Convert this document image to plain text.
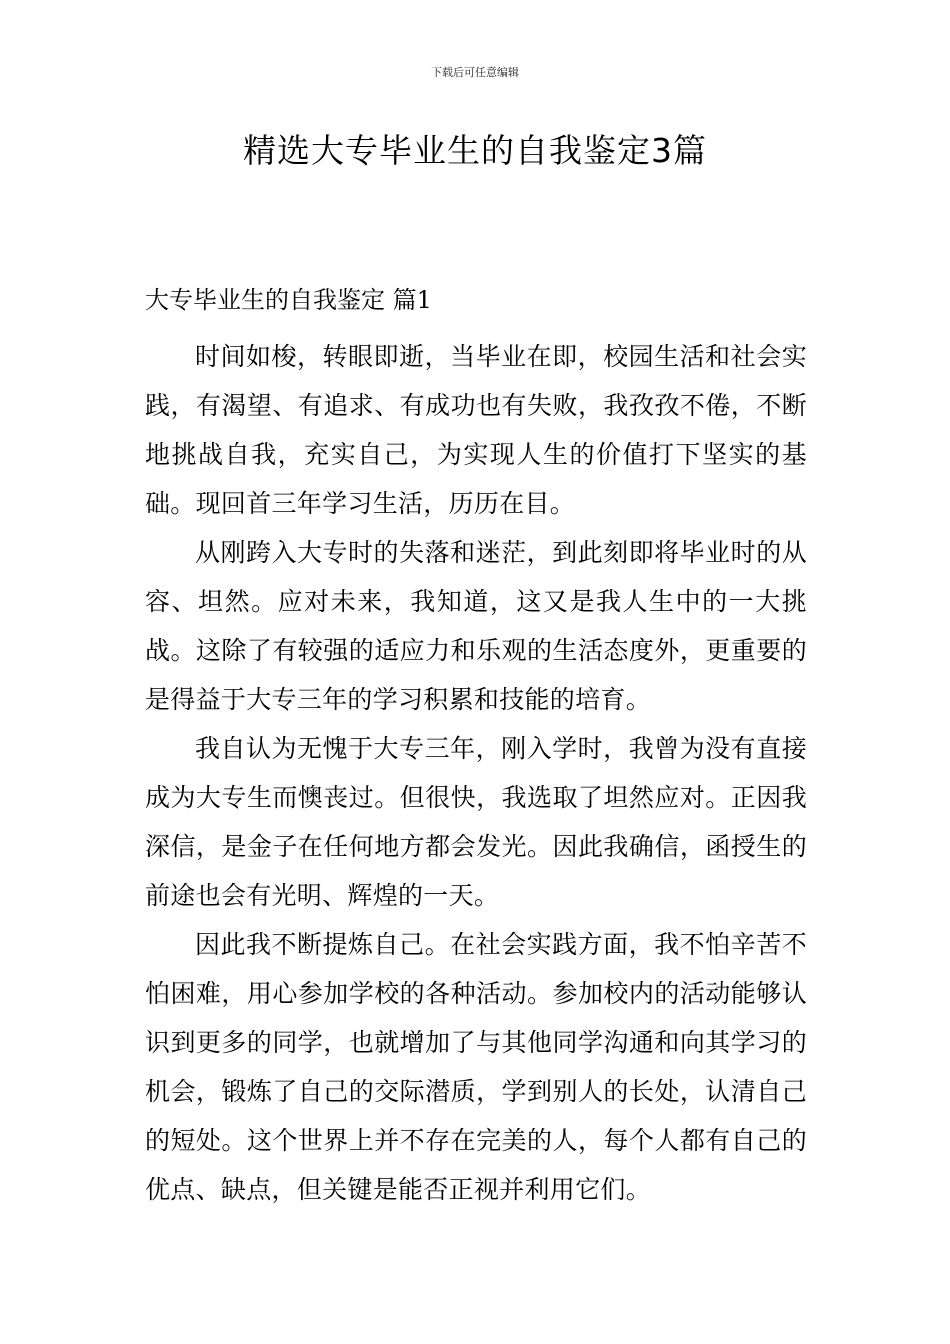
下载后可任意编辑
精选大专毕业生的自我鉴定3篇
大专毕业生的自我鉴定 篇1

时间如梭，转眼即逝，当毕业在即，校园生活和社会实践，有渴望、有追求、有成功也有失败，我孜孜不倦，不断地挑战自我，充实自己，为实现人生的价值打下坚实的基础。现回首三年学习生活，历历在目。

从刚跨入大专时的失落和迷茫，到此刻即将毕业时的从容、坦然。应对未来，我知道，这又是我人生中的一大挑战。这除了有较强的适应力和乐观的生活态度外，更重要的是得益于大专三年的学习积累和技能的培育。

我自认为无愧于大专三年，刚入学时，我曾为没有直接成为大专生而懊丧过。但很快，我选取了坦然应对。正因我深信，是金子在任何地方都会发光。因此我确信，函授生的前途也会有光明、辉煌的一天。

因此我不断提炼自己。在社会实践方面，我不怕辛苦不怕困难，用心参加学校的各种活动。参加校内的活动能够认识到更多的同学，也就增加了与其他同学沟通和向其学习的机会，锻炼了自己的交际潜质，学到别人的长处，认清自己的短处。这个世界上并不存在完美的人，每个人都有自己的优点、缺点，但关键是能否正视并利用它们。
